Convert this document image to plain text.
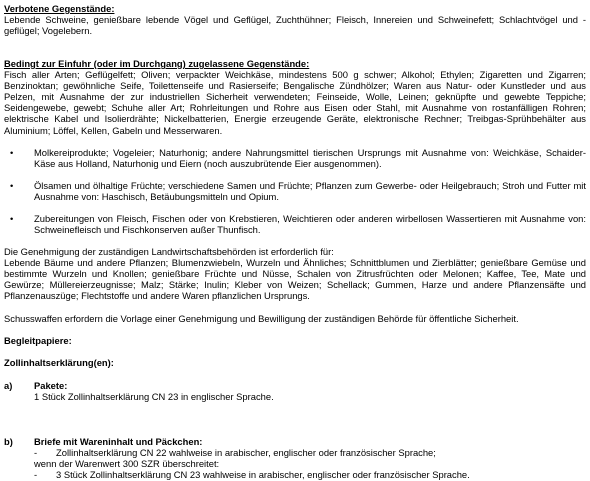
Verbotene Gegenstände:

Lebende Schweine, genießbare lebende Vögel und Geflügel, Zuchthühner; Fleisch, Innereien und Schweinefett; Schlachtvögel und -geflügel; Vogelebern.

Bedingt zur Einfuhr (oder im Durchgang) zugelassene Gegenstände:

Fisch aller Arten; Geflügelfett; Oliven; verpackter Weichkäse, mindestens 500 g schwer; Alkohol; Ethylen; Zigaretten und Zigarren; Benzinoktan; gewöhnliche Seife, Toilettenseife und Rasierseife; Bengalische Zündhölzer; Waren aus Natur- oder Kunstleder und aus Pelzen, mit Ausnahme der zur industriellen Sicherheit verwendeten; Feinseide, Wolle, Leinen; geknüpfte und gewebte Teppiche; Seidengewebe, gewebt; Schuhe aller Art; Rohrleitungen und Rohre aus Eisen oder Stahl, mit Ausnahme von rostanfälligen Rohren; elektrische Kabel und Isolierdrähte; Nickelbatterien, Energie erzeugende Geräte, elektronische Rechner; Treibgas-Sprühbehälter aus Aluminium; Löffel, Kellen, Gabeln und Messerwaren.

• Molkereiprodukte; Vogeleier; Naturhonig; andere Nahrungsmittel tierischen Ursprungs mit Ausnahme von: Weichkäse, Schaider-Käse aus Holland, Naturhonig und Eiern (noch auszubrütende Eier ausgenommen).
• Ölsamen und ölhaltige Früchte; verschiedene Samen und Früchte; Pflanzen zum Gewerbe- oder Heilgebrauch; Stroh und Futter mit Ausnahme von: Haschisch, Betäubungsmitteln und Opium.
• Zubereitungen von Fleisch, Fischen oder von Krebstieren, Weichtieren oder anderen wirbellosen Wassertieren mit Ausnahme von: Schweinefleisch und Fischkonserven außer Thunfisch.

Die Genehmigung der zuständigen Landwirtschaftsbehörden ist erforderlich für:

Lebende Bäume und andere Pflanzen; Blumenzwiebeln, Wurzeln und Ähnliches; Schnittblumen und Zierblätter; genießbare Gemüse und bestimmte Wurzeln und Knollen; genießbare Früchte und Nüsse, Schalen von Zitrusfrüchten oder Melonen; Kaffee, Tee, Mate und Gewürze; Müllereierzeugnisse; Malz; Stärke; Inulin; Kleber von Weizen; Schellack; Gummen, Harze und andere Pflanzensäfte und Pflanzenauszüge; Flechtstoffe und andere Waren pflanzlichen Ursprungs.

Schusswaffen erfordern die Vorlage einer Genehmigung und Bewilligung der zuständigen Behörde für öffentliche Sicherheit.

Begleitpapiere:

Zollinhaltserklärung(en):

a) Pakete:

1 Stück Zollinhaltserklärung CN 23 in englischer Sprache.

b) Briefe mit Wareninhalt und Päckchen:

- Zollinhaltserklärung CN 22 wahlweise in arabischer, englischer oder französischer Sprache;

wenn der Warenwert 300 SZR überschreitet:

- 3 Stück Zollinhaltserklärung CN 23 wahlweise in arabischer, englischer oder französischer Sprache.
